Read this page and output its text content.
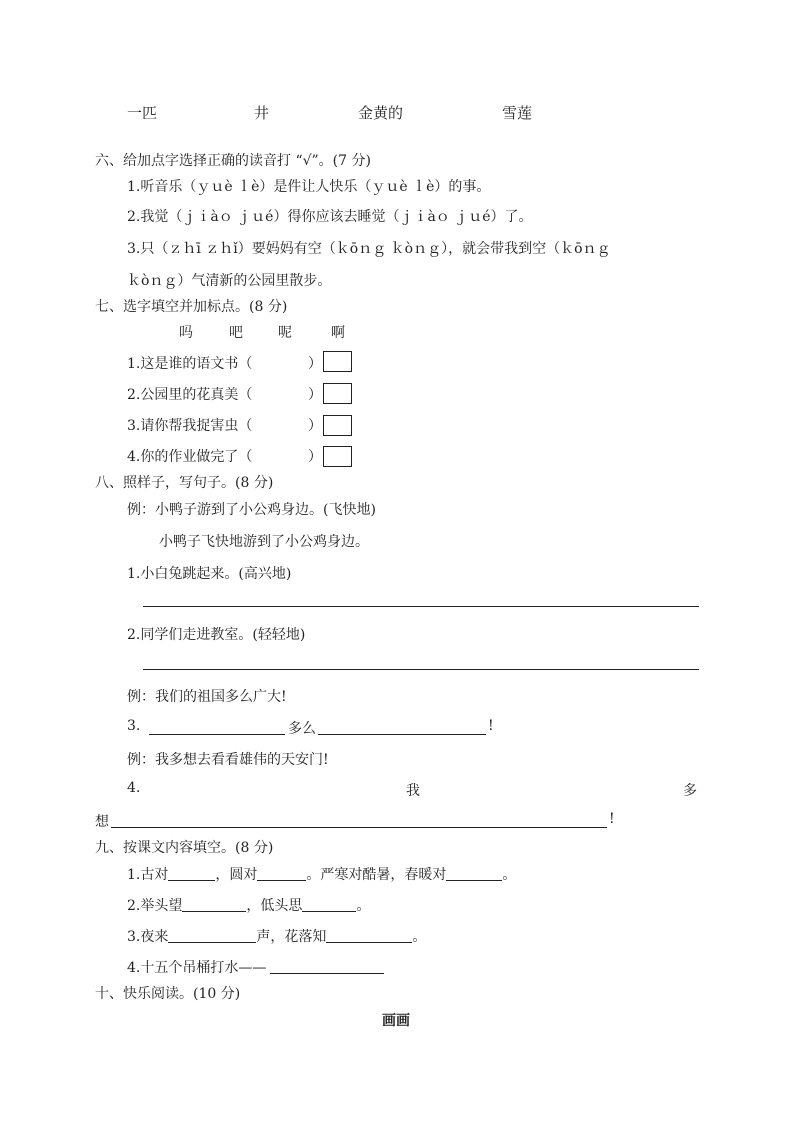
一匹	井	金黄的	雪莲
六、给加点字选择正确的读音打 “√”。(7 分)
1.听音乐（ｙｕè ｌè）是件让人快乐（ｙｕè ｌè）的事。
2.我觉（ｊｉàｏ ｊｕé）得你应该去睡觉（ｊｉàｏ ｊｕé）了。
3.只（ｚｈī ｚｈǐ）要妈妈有空（ｋōｎｇ ｋòｎｇ），就会带我到空（ｋōｎｇ
ｋòｎｇ）气清新的公园里散步。
七、选字填空并加标点。(8 分)
吗	吧	呢	啊
1.这是谁的语文书（	）
2.公园里的花真美（	）
3.请你帮我捉害虫（	）
4.你的作业做完了（	）
八、照样子，写句子。(8 分)
例：小鸭子游到了小公鸡身边。(飞快地)
小鸭子飞快地游到了小公鸡身边。
1.小白兔跳起来。(高兴地)
2.同学们走进教室。(轻轻地)
例：我们的祖国多么广大!
3.	多么	!
例：我多想去看看雄伟的天安门!
4.	我	多
想	!
九、按课文内容填空。(8 分)
1.古对	，圆对	。严寒对酷暑，春暖对	。
2.举头望	，低头思	。
3.夜来	声，花落知	。
4.十五个吊桶打水——
十、快乐阅读。(10 分)
画画
